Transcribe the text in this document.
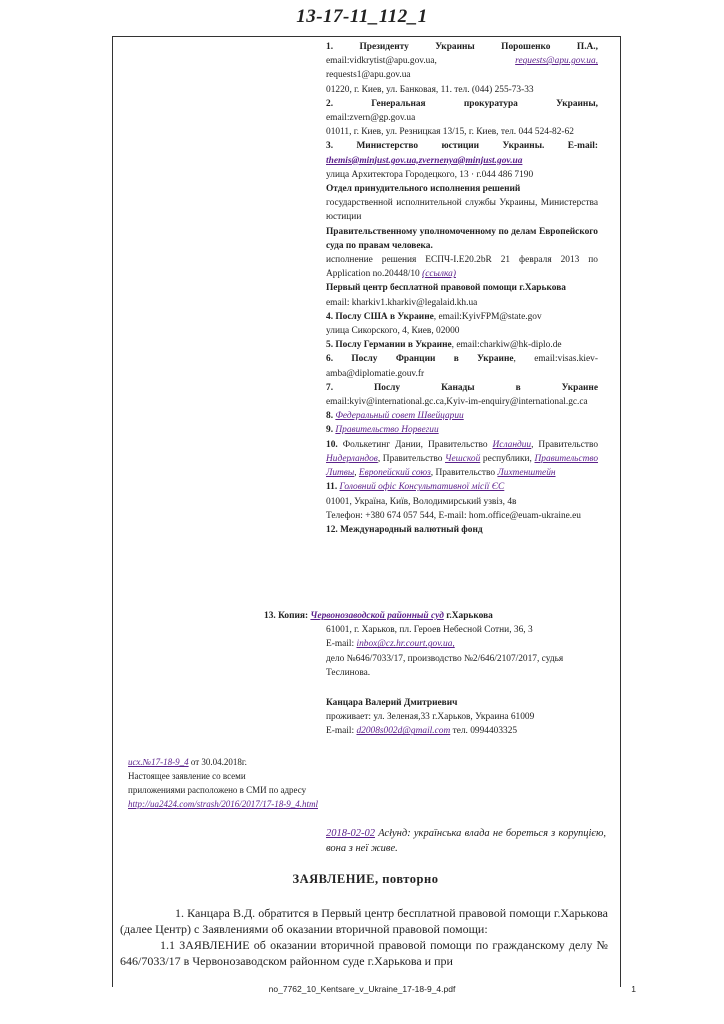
13-17-11_112_1

1. Президенту Украины Порошенко П.А.,

email:vidkrytist@apu.gov.ua,	requests@apu.gov.ua,

requests1@apu.gov.ua

01220, г. Киев, ул. Банковая, 11. тел. (044) 255-73-33

2. Генеральная прокуратура Украины,

email:zvern@gp.gov.ua

01011, г. Киев, ул. Резницкая 13/15, г. Киев, тел. 044 524-82-62

3. Министерство юстиции Украины. E-mail:

themis@minjust.gov.ua,zvernenya@minjust.gov.ua

улица Архитектора Городецкого, 13 · г.044 486 7190

Отдел принудительного исполнения решений

государственной исполнительной службы Украины, Министерства юстиции

Правительственному уполномоченному по делам Европейского суда по правам человека.

исполнение решения ЕСПЧ-I.E20.2bR 21 февраля 2013 по Application no.20448/10 (ссылка)

Первый центр бесплатной правовой помощи г.Харькова

email: kharkiv1.kharkiv@legalaid.kh.ua

4. Послу США в Украине, email:KyivFPM@state.gov

улица Сикорского, 4, Киев, 02000

5. Послу Германии в Украине, email:charkiw@hk-diplo.de

6. Послу Франции в Украине, email:visas.kiev-amba@diplomatie.gouv.fr

7. Послу Канады в Украине

email:kyiv@international.gc.ca,Kyiv-im-enquiry@international.gc.ca

8. Федеральный совет Швейцарии

9. Правительство Норвегии

10. Фолькетинг Дании, Правительство Исландии, Правительство Нидерландов, Правительство Чешской республики, Правительство Литвы, Европейский союз, Правительство Лихтенштейн

11. Головний офіс Консультативної місії ЄС

01001, Україна, Київ, Володимирський узвіз, 4в

Телефон: +380 674 057 544, E-mail: hom.office@euam-ukraine.eu

12. Международный валютный фонд

13. Копия: Червонозаводской районный суд г.Харькова
61001, г. Харьков, пл. Героев Небесной Сотни, 36, 3
E-mail: inbox@cz.hr.court.gov.ua,
дело №646/7033/17, производство №2/646/2107/2017, судья Теслинова.

Канцара Валерий Дмитриевич

проживает: ул. Зеленая,33 г.Харьков, Украина 61009

E-mail: d2008s002d@gmail.com тел. 0994403325

исх.№17-18-9_4 от 30.04.2018г.

Настоящее заявление со всеми

приложениями расположено в СМИ по адресу

http://ua2424.com/strash/2016/2017/17-18-9_4.html

2018-02-02 Асłунд: українська влада не бореться з корупцією, вона з неї живе.
ЗАЯВЛЕНИЕ, повторно

1. Канцара В.Д. обратится в Первый центр бесплатной правовой помощи г.Харькова (далее Центр) с Заявлениями об оказании вторичной правовой помощи:

1.1 ЗАЯВЛЕНИЕ об оказании вторичной правовой помощи по гражданскому делу № 646/7033/17 в Червонозаводском районном суде г.Харькова и при

no_7762_10_Kentsare_v_Ukraine_17-18-9_4.pdf	1
